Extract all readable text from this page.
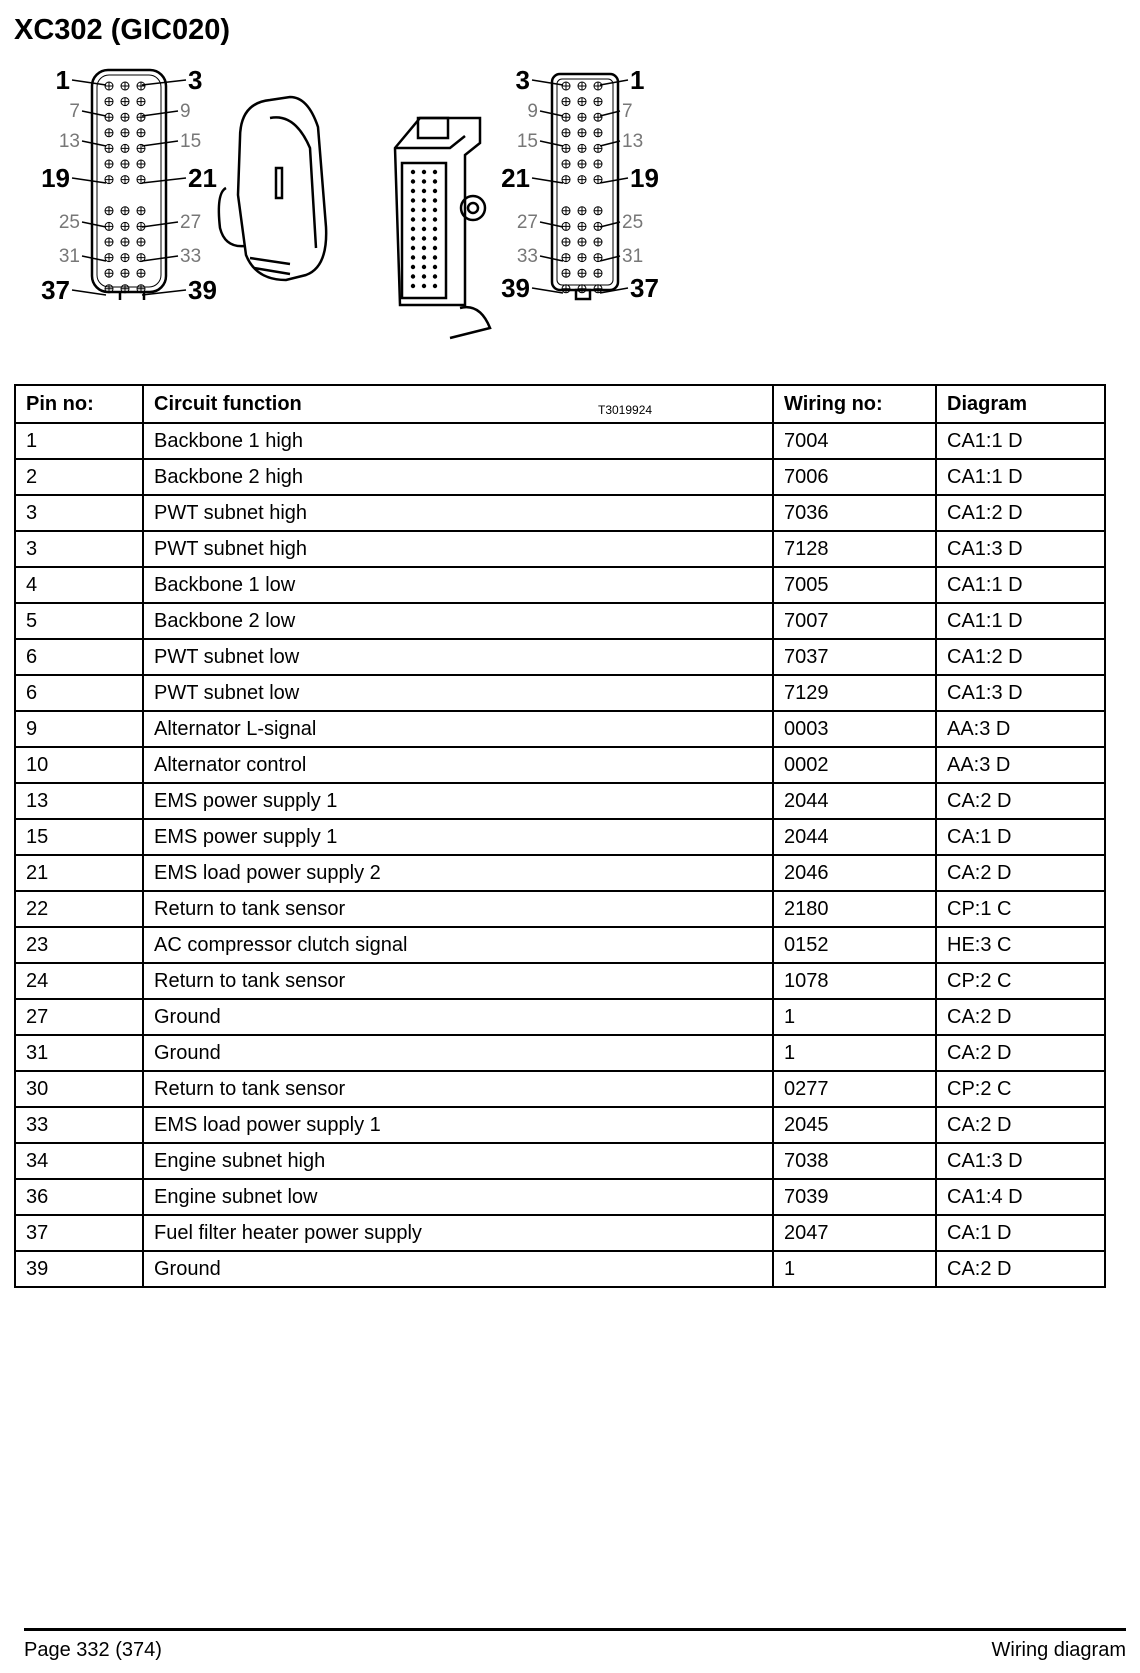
XC302 (GIC020)
1
7
13
19
25
31
37
3
9
15
21
27
33
39
3
9
15
21
27
33
39
1
7
13
19
25
31
37
T3019924
Pin no:	Circuit function	Wiring no:	Diagram
1	Backbone 1 high	7004	CA1:1 D
2	Backbone 2 high	7006	CA1:1 D
3	PWT subnet high	7036	CA1:2 D
3	PWT subnet high	7128	CA1:3 D
4	Backbone 1 low	7005	CA1:1 D
5	Backbone 2 low	7007	CA1:1 D
6	PWT subnet low	7037	CA1:2 D
6	PWT subnet low	7129	CA1:3 D
9	Alternator L-signal	0003	AA:3 D
10	Alternator control	0002	AA:3 D
13	EMS power supply 1	2044	CA:2 D
15	EMS power supply 1	2044	CA:1 D
21	EMS load power supply 2	2046	CA:2 D
22	Return to tank sensor	2180	CP:1 C
23	AC compressor clutch signal	0152	HE:3 C
24	Return to tank sensor	1078	CP:2 C
27	Ground	1	CA:2 D
31	Ground	1	CA:2 D
30	Return to tank sensor	0277	CP:2 C
33	EMS load power supply 1	2045	CA:2 D
34	Engine subnet high	7038	CA1:3 D
36	Engine subnet low	7039	CA1:4 D
37	Fuel filter heater power supply	2047	CA:1 D
39	Ground	1	CA:2 D
Page 332 (374)	Wiring diagram
